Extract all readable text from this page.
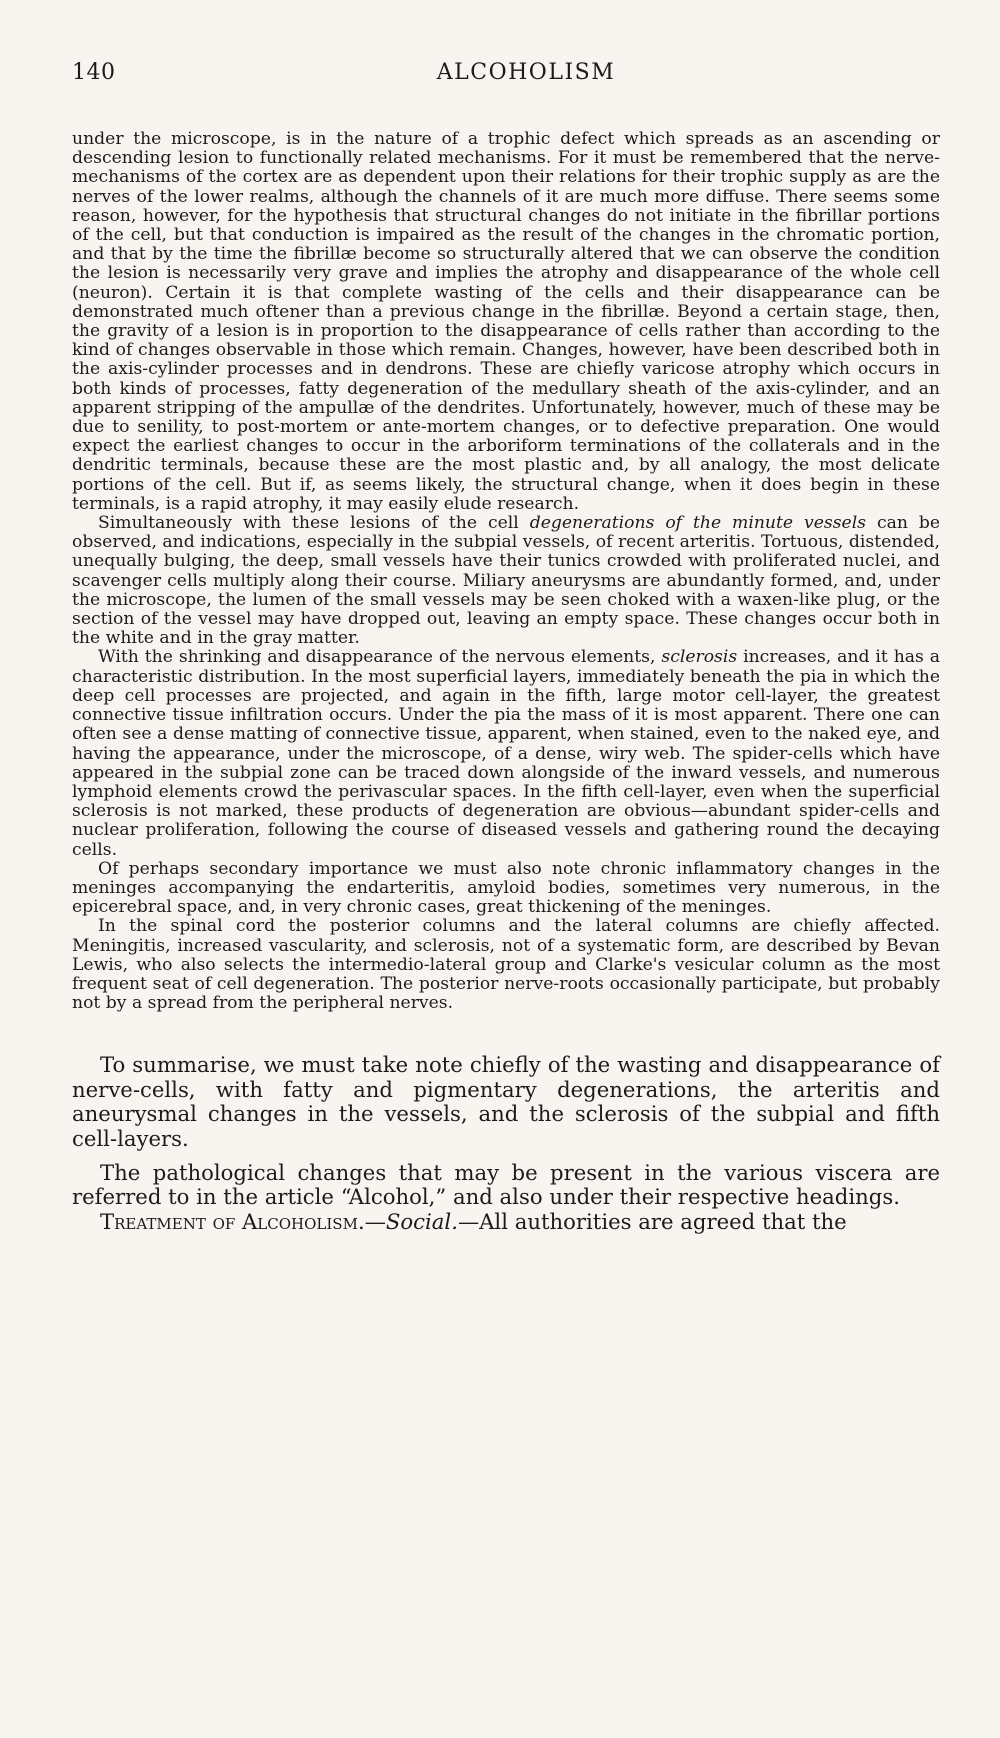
140	ALCOHOLISM

under the microscope, is in the nature of a trophic defect which spreads as an ascending or descending lesion to functionally related mechanisms. For it must be remembered that the nerve-mechanisms of the cortex are as dependent upon their relations for their trophic supply as are the nerves of the lower realms, although the channels of it are much more diffuse. There seems some reason, however, for the hypothesis that structural changes do not initiate in the fibrillar portions of the cell, but that conduction is impaired as the result of the changes in the chromatic portion, and that by the time the fibrillæ become so structurally altered that we can observe the condition the lesion is necessarily very grave and implies the atrophy and disappearance of the whole cell (neuron). Certain it is that complete wasting of the cells and their disappearance can be demonstrated much oftener than a previous change in the fibrillæ. Beyond a certain stage, then, the gravity of a lesion is in proportion to the disappearance of cells rather than according to the kind of changes observable in those which remain. Changes, however, have been described both in the axis-cylinder processes and in dendrons. These are chiefly varicose atrophy which occurs in both kinds of processes, fatty degeneration of the medullary sheath of the axis-cylinder, and an apparent stripping of the ampullæ of the dendrites. Unfortunately, however, much of these may be due to senility, to post-mortem or ante-mortem changes, or to defective preparation. One would expect the earliest changes to occur in the arboriform terminations of the collaterals and in the dendritic terminals, because these are the most plastic and, by all analogy, the most delicate portions of the cell. But if, as seems likely, the structural change, when it does begin in these terminals, is a rapid atrophy, it may easily elude research.

Simultaneously with these lesions of the cell degenerations of the minute vessels can be observed, and indications, especially in the subpial vessels, of recent arteritis. Tortuous, distended, unequally bulging, the deep, small vessels have their tunics crowded with proliferated nuclei, and scavenger cells multiply along their course. Miliary aneurysms are abundantly formed, and, under the microscope, the lumen of the small vessels may be seen choked with a waxen-like plug, or the section of the vessel may have dropped out, leaving an empty space. These changes occur both in the white and in the gray matter.

With the shrinking and disappearance of the nervous elements, sclerosis increases, and it has a characteristic distribution. In the most superficial layers, immediately beneath the pia in which the deep cell processes are projected, and again in the fifth, large motor cell-layer, the greatest connective tissue infiltration occurs. Under the pia the mass of it is most apparent. There one can often see a dense matting of connective tissue, apparent, when stained, even to the naked eye, and having the appearance, under the microscope, of a dense, wiry web. The spider-cells which have appeared in the subpial zone can be traced down alongside of the inward vessels, and numerous lymphoid elements crowd the perivascular spaces. In the fifth cell-layer, even when the superficial sclerosis is not marked, these products of degeneration are obvious—abundant spider-cells and nuclear proliferation, following the course of diseased vessels and gathering round the decaying cells.

Of perhaps secondary importance we must also note chronic inflammatory changes in the meninges accompanying the endarteritis, amyloid bodies, sometimes very numerous, in the epicerebral space, and, in very chronic cases, great thickening of the meninges.

In the spinal cord the posterior columns and the lateral columns are chiefly affected. Meningitis, increased vascularity, and sclerosis, not of a systematic form, are described by Bevan Lewis, who also selects the intermedio-lateral group and Clarke's vesicular column as the most frequent seat of cell degeneration. The posterior nerve-roots occasionally participate, but probably not by a spread from the peripheral nerves.

To summarise, we must take note chiefly of the wasting and disappearance of nerve-cells, with fatty and pigmentary degenerations, the arteritis and aneurysmal changes in the vessels, and the sclerosis of the subpial and fifth cell-layers.

The pathological changes that may be present in the various viscera are referred to in the article “Alcohol,” and also under their respective headings.

Treatment of Alcoholism.—Social.—All authorities are agreed that the
